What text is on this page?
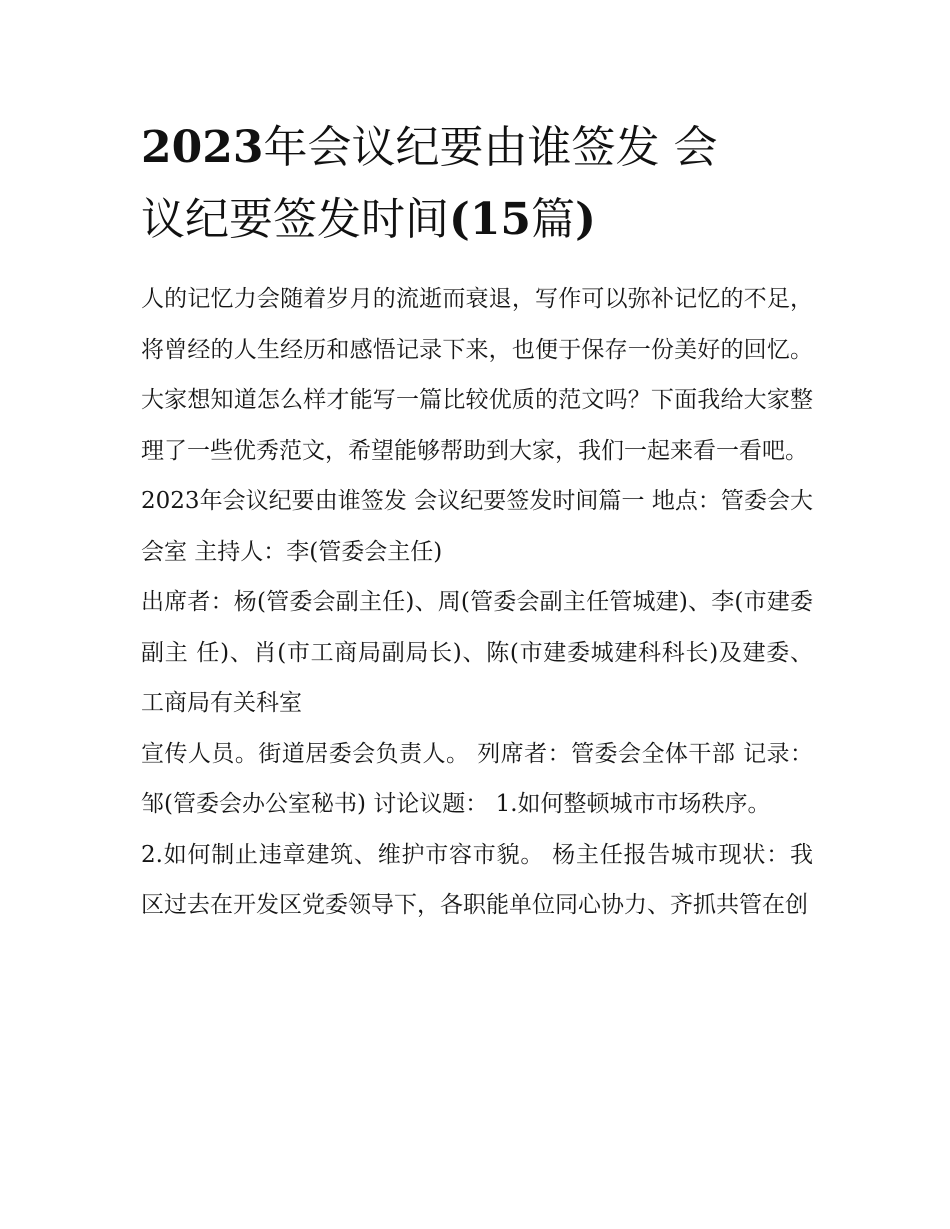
2023年会议纪要由谁签发 会
议纪要签发时间(15篇)

人的记忆力会随着岁月的流逝而衰退，写作可以弥补记忆的不足，将曾经的人生经历和感悟记录下来，也便于保存一份美好的回忆。大家想知道怎么样才能写一篇比较优质的范文吗？下面我给大家整理了一些优秀范文，希望能够帮助到大家，我们一起来看一看吧。

2023年会议纪要由谁签发 会议纪要签发时间篇一 地点：管委会大会室 主持人：李(管委会主任)

出席者：杨(管委会副主任)、周(管委会副主任管城建)、李(市建委副主 任)、肖(市工商局副局长)、陈(市建委城建科科长)及建委、工商局有关科室

宣传人员。街道居委会负责人。 列席者：管委会全体干部 记录：邹(管委会办公室秘书) 讨论议题： 1.如何整顿城市市场秩序。

2.如何制止违章建筑、维护市容市貌。 杨主任报告城市现状：我区过去在开发区党委领导下，各职能单位同心协力、齐抓共管在创
